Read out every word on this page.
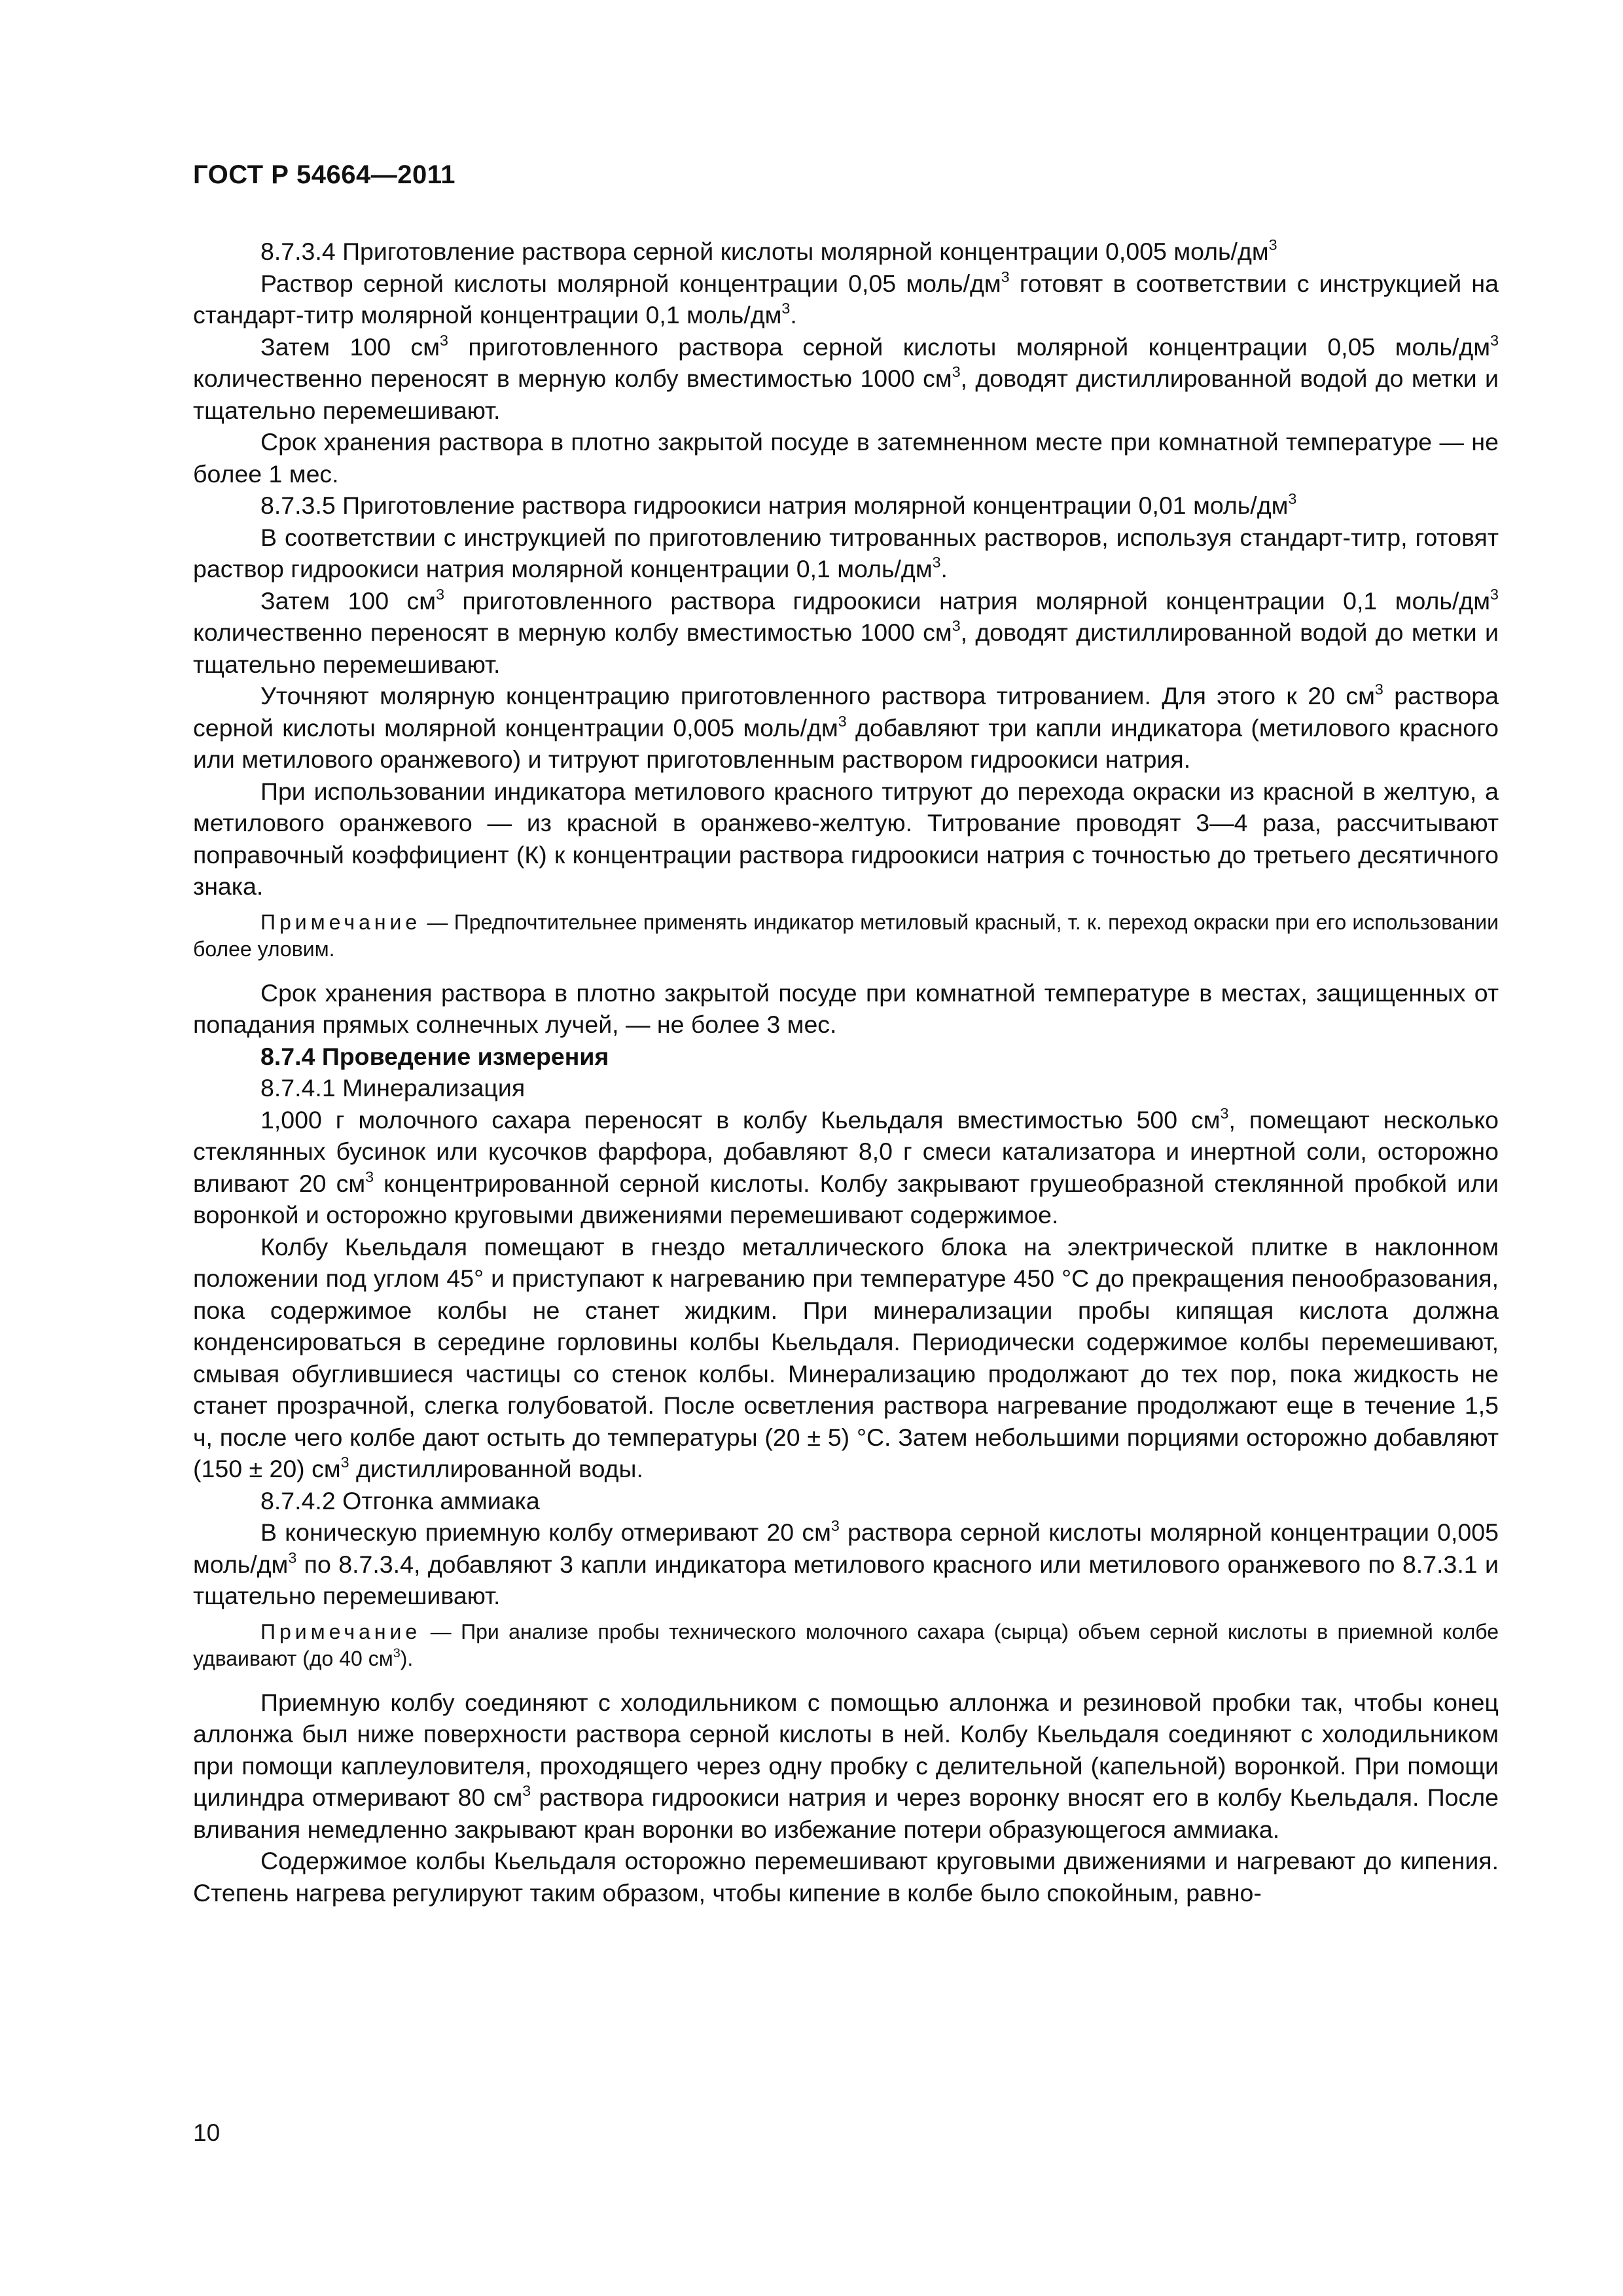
ГОСТ Р 54664—2011

8.7.3.4 Приготовление раствора серной кислоты молярной концентрации 0,005 моль/$дм^3$

Раствор серной кислоты молярной концентрации 0,05 моль/$дм^3$ готовят в соответствии с инструкцией на стандарт-титр молярной концентрации 0,1 моль/$дм^3$.

Затем 100 $см^3$ приготовленного раствора серной кислоты молярной концентрации 0,05 моль/$дм^3$ количественно переносят в мерную колбу вместимостью 1000 $см^3$, доводят дистиллированной водой до метки и тщательно перемешивают.

Срок хранения раствора в плотно закрытой посуде в затемненном месте при комнатной температуре — не более 1 мес.

8.7.3.5 Приготовление раствора гидроокиси натрия молярной концентрации 0,01 моль/$дм^3$

В соответствии с инструкцией по приготовлению титрованных растворов, используя стандарт-титр, готовят раствор гидроокиси натрия молярной концентрации 0,1 моль/$дм^3$.

Затем 100 $см^3$ приготовленного раствора гидроокиси натрия молярной концентрации 0,1 моль/$дм^3$ количественно переносят в мерную колбу вместимостью 1000 $см^3$, доводят дистиллированной водой до метки и тщательно перемешивают.

Уточняют молярную концентрацию приготовленного раствора титрованием. Для этого к 20 $см^3$ раствора серной кислоты молярной концентрации 0,005 моль/$дм^3$ добавляют три капли индикатора (метилового красного или метилового оранжевого) и титруют приготовленным раствором гидроокиси натрия.

При использовании индикатора метилового красного титруют до перехода окраски из красной в желтую, а метилового оранжевого — из красной в оранжево-желтую. Титрование проводят 3—4 раза, рассчитывают поправочный коэффициент (К) к концентрации раствора гидроокиси натрия с точностью до третьего десятичного знака.

Примечание — Предпочтительнее применять индикатор метиловый красный, т. к. переход окраски при его использовании более уловим.

Срок хранения раствора в плотно закрытой посуде при комнатной температуре в местах, защищенных от попадания прямых солнечных лучей, — не более 3 мес.

8.7.4 Проведение измерения

8.7.4.1 Минерализация

1,000 г молочного сахара переносят в колбу Кьельдаля вместимостью 500 $см^3$, помещают несколько стеклянных бусинок или кусочков фарфора, добавляют 8,0 г смеси катализатора и инертной соли, осторожно вливают 20 $см^3$ концентрированной серной кислоты. Колбу закрывают грушеобразной стеклянной пробкой или воронкой и осторожно круговыми движениями перемешивают содержимое.

Колбу Кьельдаля помещают в гнездо металлического блока на электрической плитке в наклонном положении под углом 45° и приступают к нагреванию при температуре 450 °С до прекращения пенообразования, пока содержимое колбы не станет жидким. При минерализации пробы кипящая кислота должна конденсироваться в середине горловины колбы Кьельдаля. Периодически содержимое колбы перемешивают, смывая обуглившиеся частицы со стенок колбы. Минерализацию продолжают до тех пор, пока жидкость не станет прозрачной, слегка голубоватой. После осветления раствора нагревание продолжают еще в течение 1,5 ч, после чего колбе дают остыть до температуры (20 ± 5) °С. Затем небольшими порциями осторожно добавляют (150 ± 20) $см^3$ дистиллированной воды.

8.7.4.2 Отгонка аммиака

В коническую приемную колбу отмеривают 20 $см^3$ раствора серной кислоты молярной концентрации 0,005 моль/$дм^3$ по 8.7.3.4, добавляют 3 капли индикатора метилового красного или метилового оранжевого по 8.7.3.1 и тщательно перемешивают.

Примечание — При анализе пробы технического молочного сахара (сырца) объем серной кислоты в приемной колбе удваивают (до 40 $см^3$).

Приемную колбу соединяют с холодильником с помощью аллонжа и резиновой пробки так, чтобы конец аллонжа был ниже поверхности раствора серной кислоты в ней. Колбу Кьельдаля соединяют с холодильником при помощи каплеуловителя, проходящего через одну пробку с делительной (капельной) воронкой. При помощи цилиндра отмеривают 80 $см^3$ раствора гидроокиси натрия и через воронку вносят его в колбу Кьельдаля. После вливания немедленно закрывают кран воронки во избежание потери образующегося аммиака.

Содержимое колбы Кьельдаля осторожно перемешивают круговыми движениями и нагревают до кипения. Степень нагрева регулируют таким образом, чтобы кипение в колбе было спокойным, равно-

10
